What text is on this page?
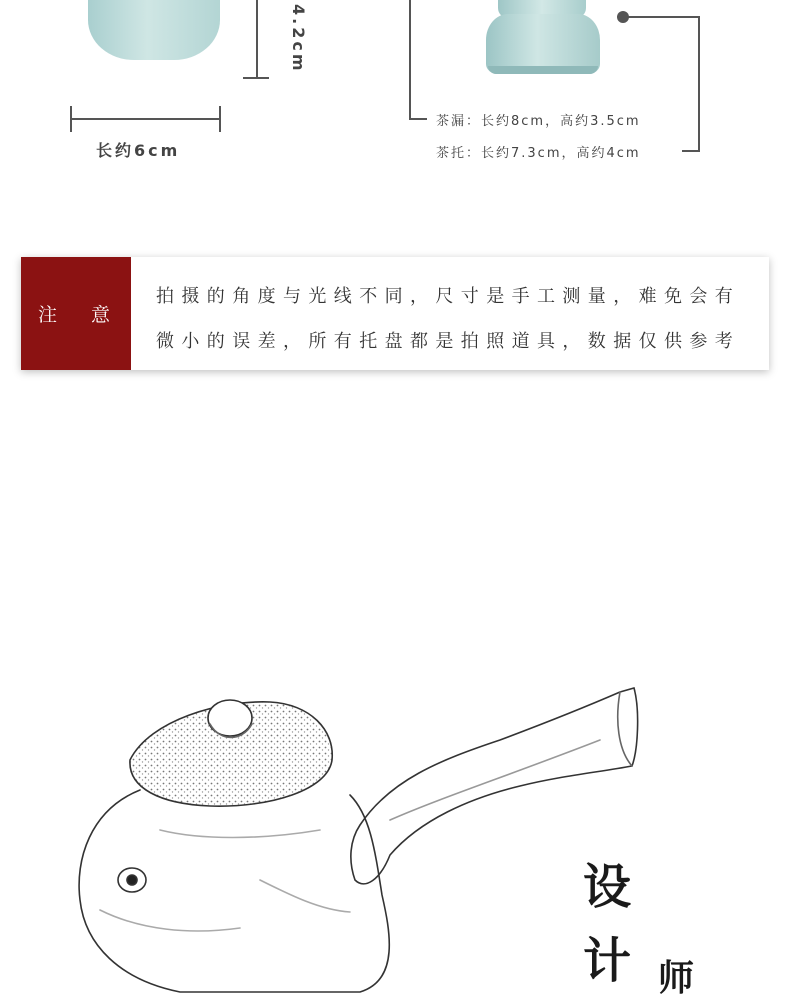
4.2cm
长约6cm
茶漏：长约8cm，高约3.5cm
茶托：长约7.3cm，高约4cm
注 意
拍摄的角度与光线不同，尺寸是手工测量，难免会有
微小的误差，所有托盘都是拍照道具，数据仅供参考
设
计 师
